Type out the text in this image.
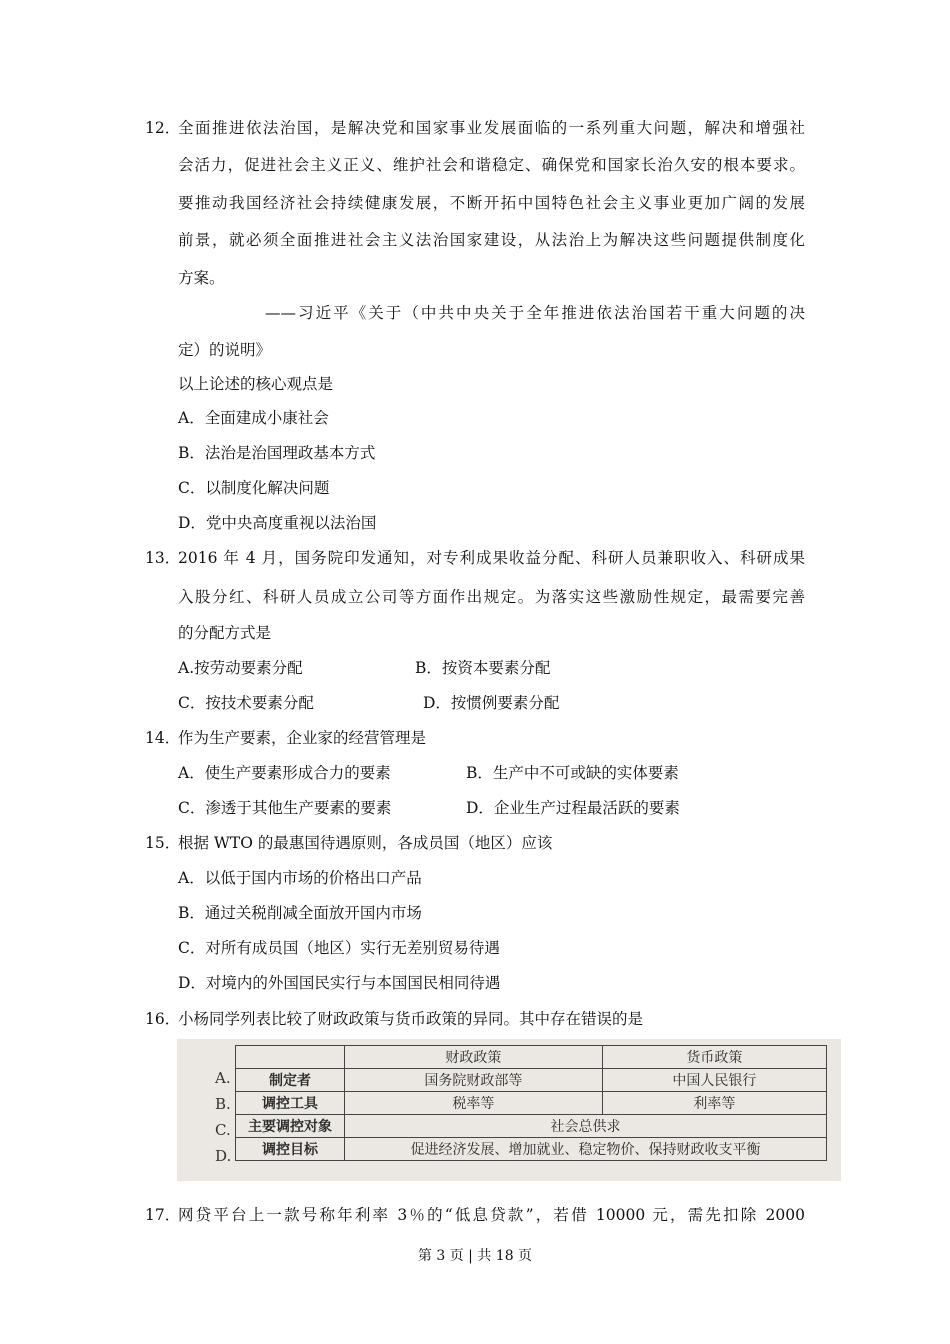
12．
全面推进依法治国，是解决党和国家事业发展面临的一系列重大问题，解决和增强社
会活力，促进社会主义正义、维护社会和谐稳定、确保党和国家长治久安的根本要求。
要推动我国经济社会持续健康发展，不断开拓中国特色社会主义事业更加广阔的发展
前景，就必须全面推进社会主义法治国家建设，从法治上为解决这些问题提供制度化
方案。
——习近平《关于（中共中央关于全年推进依法治国若干重大问题的决
定）的说明》
以上论述的核心观点是
A．全面建成小康社会
B．法治是治国理政基本方式
C．以制度化解决问题
D．党中央高度重视以法治国
13．
2016 年 4 月，国务院印发通知，对专利成果收益分配、科研人员兼职收入、科研成果
入股分红、科研人员成立公司等方面作出规定。为落实这些激励性规定，最需要完善
的分配方式是
A.按劳动要素分配	B．按资本要素分配
C．按技术要素分配	D．按惯例要素分配
14．
作为生产要素，企业家的经营管理是
A．使生产要素形成合力的要素	B．生产中不可或缺的实体要素
C．渗透于其他生产要素的要素	D．企业生产过程最活跃的要素
15．
根据 WTO 的最惠国待遇原则，各成员国（地区）应该
A．以低于国内市场的价格出口产品
B．通过关税削减全面放开国内市场
C．对所有成员国（地区）实行无差别贸易待遇
D．对境内的外国国民实行与本国国民相同待遇
16．
小杨同学列表比较了财政政策与货币政策的异同。其中存在错误的是
A.
B.
C.
D.
	财政政策	货币政策
制定者	国务院财政部等	中国人民银行
调控工具	税率等	利率等
主要调控对象	社会总供求	
调控目标	促进经济发展、增加就业、稳定物价、保持财政收支平衡	
17．
网贷平台上一款号称年利率 3％的“低息贷款”，若借 10000 元，需先扣除 2000
第 3 页 | 共 18 页
